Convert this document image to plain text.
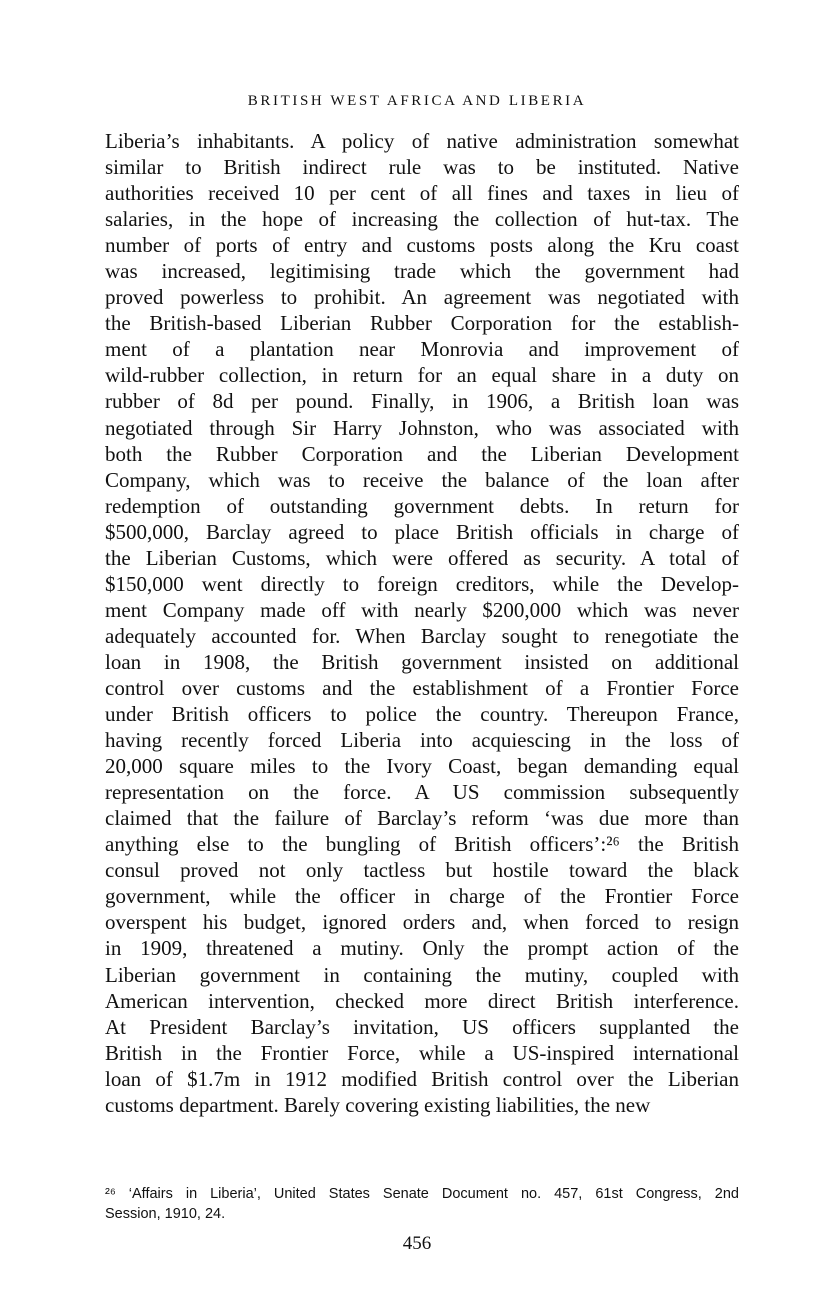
BRITISH WEST AFRICA AND LIBERIA
Liberia’s inhabitants. A policy of native administration somewhat
similar to British indirect rule was to be instituted. Native
authorities received 10 per cent of all fines and taxes in lieu of
salaries, in the hope of increasing the collection of hut-tax. The
number of ports of entry and customs posts along the Kru coast
was increased, legitimising trade which the government had
proved powerless to prohibit. An agreement was negotiated with
the British-based Liberian Rubber Corporation for the establish-
ment of a plantation near Monrovia and improvement of
wild-rubber collection, in return for an equal share in a duty on
rubber of 8d per pound. Finally, in 1906, a British loan was
negotiated through Sir Harry Johnston, who was associated with
both the Rubber Corporation and the Liberian Development
Company, which was to receive the balance of the loan after
redemption of outstanding government debts. In return for
$500,000, Barclay agreed to place British officials in charge of
the Liberian Customs, which were offered as security. A total of
$150,000 went directly to foreign creditors, while the Develop-
ment Company made off with nearly $200,000 which was never
adequately accounted for. When Barclay sought to renegotiate the
loan in 1908, the British government insisted on additional
control over customs and the establishment of a Frontier Force
under British officers to police the country. Thereupon France,
having recently forced Liberia into acquiescing in the loss of
20,000 square miles to the Ivory Coast, began demanding equal
representation on the force. A US commission subsequently
claimed that the failure of Barclay’s reform ‘was due more than
anything else to the bungling of British officers’:²⁶ the British
consul proved not only tactless but hostile toward the black
government, while the officer in charge of the Frontier Force
overspent his budget, ignored orders and, when forced to resign
in 1909, threatened a mutiny. Only the prompt action of the
Liberian government in containing the mutiny, coupled with
American intervention, checked more direct British interference.
At President Barclay’s invitation, US officers supplanted the
British in the Frontier Force, while a US-inspired international
loan of $1.7m in 1912 modified British control over the Liberian
customs department. Barely covering existing liabilities, the new
²⁶ ‘Affairs in Liberia’, United States Senate Document no. 457, 61st Congress, 2nd
Session, 1910, 24.
456
